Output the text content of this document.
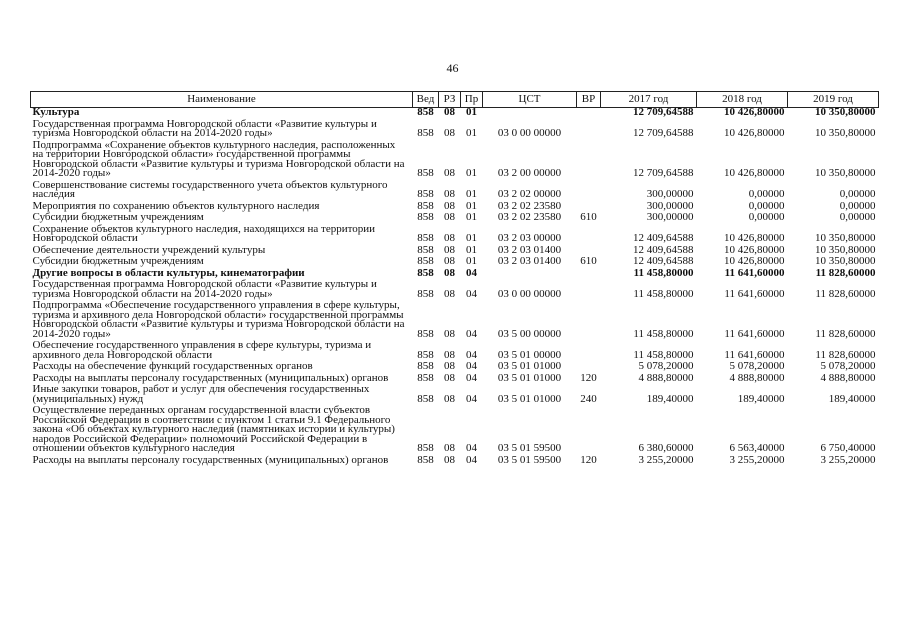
46
Наименование	Вед	РЗ	Пр	ЦСТ	ВР	2017 год	2018 год	2019 год
Культура	858	08	01			12 709,64588	10 426,80000	10 350,80000
Государственная программа Новгородской области «Развитие культуры и туризма Новгородской области на 2014-2020 годы»	858	08	01	03 0 00 00000		12 709,64588	10 426,80000	10 350,80000
Подпрограмма «Сохранение объектов культурного наследия, расположенных на территории Новгородской области» государственной программы Новгородской области «Развитие культуры и туризма Новгородской области на 2014-2020 годы»	858	08	01	03 2 00 00000		12 709,64588	10 426,80000	10 350,80000
Совершенствование системы государственного учета объектов культурного наследия	858	08	01	03 2 02 00000		300,00000	0,00000	0,00000
Мероприятия по сохранению объектов культурного наследия	858	08	01	03 2 02 23580		300,00000	0,00000	0,00000
Субсидии бюджетным учреждениям	858	08	01	03 2 02 23580	610	300,00000	0,00000	0,00000
Сохранение объектов культурного наследия, находящихся на территории Новгородской области	858	08	01	03 2 03 00000		12 409,64588	10 426,80000	10 350,80000
Обеспечение деятельности учреждений культуры	858	08	01	03 2 03 01400		12 409,64588	10 426,80000	10 350,80000
Субсидии бюджетным учреждениям	858	08	01	03 2 03 01400	610	12 409,64588	10 426,80000	10 350,80000
Другие вопросы в области культуры, кинематографии	858	08	04			11 458,80000	11 641,60000	11 828,60000
Государственная программа Новгородской области «Развитие культуры и туризма Новгородской области на 2014-2020 годы»	858	08	04	03 0 00 00000		11 458,80000	11 641,60000	11 828,60000
Подпрограмма «Обеспечение государственного управления в сфере культуры, туризма и архивного дела Новгородской области» государственной программы Новгородской области «Развитие культуры и туризма Новгородской области на 2014-2020 годы»	858	08	04	03 5 00 00000		11 458,80000	11 641,60000	11 828,60000
Обеспечение государственного управления в сфере культуры, туризма и архивного дела Новгородской области	858	08	04	03 5 01 00000		11 458,80000	11 641,60000	11 828,60000
Расходы на обеспечение функций государственных органов	858	08	04	03 5 01 01000		5 078,20000	5 078,20000	5 078,20000
Расходы на выплаты персоналу государственных (муниципальных) органов	858	08	04	03 5 01 01000	120	4 888,80000	4 888,80000	4 888,80000
Иные закупки товаров, работ и услуг для обеспечения государственных (муниципальных) нужд	858	08	04	03 5 01 01000	240	189,40000	189,40000	189,40000
Осуществление переданных органам государственной власти субъектов Российской Федерации в соответствии с пунктом 1 статьи 9.1 Федерального закона «Об объектах культурного наследия (памятниках истории и культуры) народов Российской Федерации» полномочий Российской Федерации в отношении объектов культурного наследия	858	08	04	03 5 01 59500		6 380,60000	6 563,40000	6 750,40000
Расходы на выплаты персоналу государственных (муниципальных) органов	858	08	04	03 5 01 59500	120	3 255,20000	3 255,20000	3 255,20000
